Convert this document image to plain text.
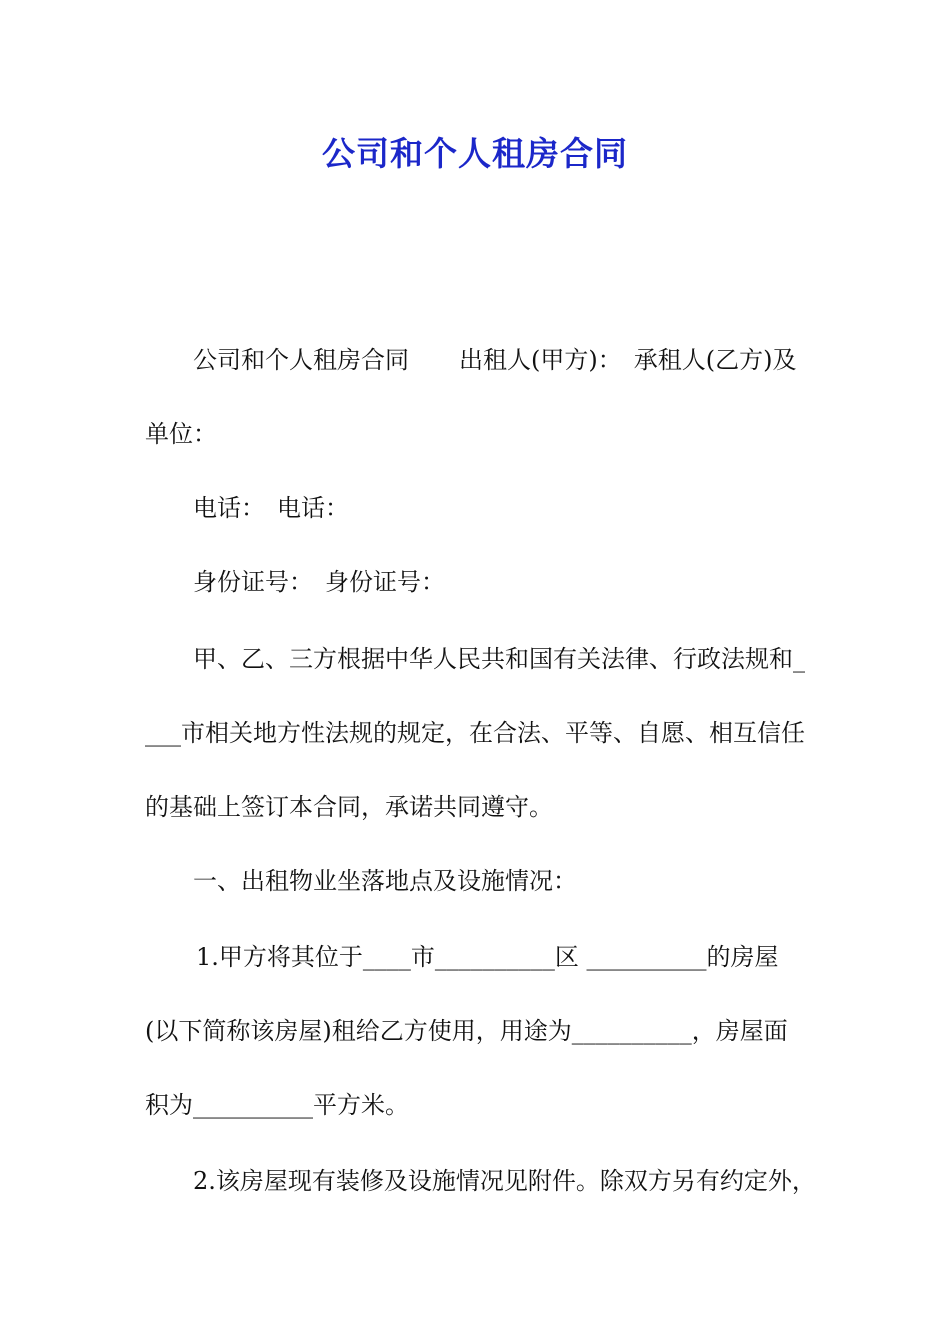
公司和个人租房合同
公司和个人租房合同 出租人(甲方)： 承租人(乙方)及
单位：
电话： 电话：
身份证号： 身份证号：
甲、乙、三方根据中华人民共和国有关法律、行政法规和_
___市相关地方性法规的规定，在合法、平等、自愿、相互信任
的基础上签订本合同，承诺共同遵守。
一、出租物业坐落地点及设施情况：
1.甲方将其位于____市__________区 __________的房屋
(以下简称该房屋)租给乙方使用，用途为__________，房屋面
积为__________平方米。
2.该房屋现有装修及设施情况见附件。除双方另有约定外，
